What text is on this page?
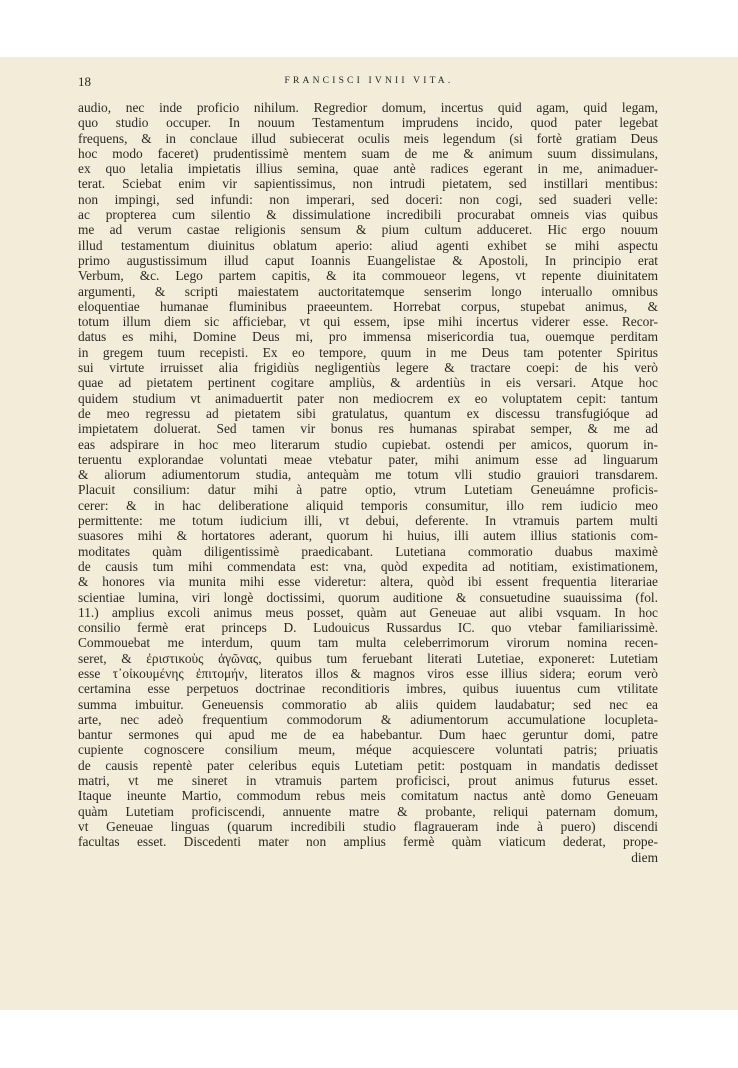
18	FRANCISCI IVNII VITA.
audio, nec inde proficio nihilum. Regredior domum, incertus quid agam, quid legam,
quo studio occuper. In nouum Testamentum imprudens incido, quod pater legebat
frequens, & in conclaue illud subiecerat oculis meis legendum (si fortè gratiam Deus
hoc modo faceret) prudentissimè mentem suam de me & animum suum dissimulans,
ex quo letalia impietatis illius semina, quae antè radices egerant in me, animaduer-
terat. Sciebat enim vir sapientissimus, non intrudi pietatem, sed instillari mentibus:
non impingi, sed infundi: non imperari, sed doceri: non cogi, sed suaderi velle:
ac propterea cum silentio & dissimulatione incredibili procurabat omneis vias quibus
me ad verum castae religionis sensum & pium cultum adduceret. Hic ergo nouum
illud testamentum diuinitus oblatum aperio: aliud agenti exhibet se mihi aspectu
primo augustissimum illud caput Ioannis Euangelistae & Apostoli, In principio erat
Verbum, &c. Lego partem capitis, & ita commoueor legens, vt repente diuinitatem
argumenti, & scripti maiestatem auctoritatemque senserim longo interuallo omnibus
eloquentiae humanae fluminibus praeeuntem. Horrebat corpus, stupebat animus, &
totum illum diem sic afficiebar, vt qui essem, ipse mihi incertus viderer esse. Recor-
datus es mihi, Domine Deus mi, pro immensa misericordia tua, ouemque perditam
in gregem tuum recepisti. Ex eo tempore, quum in me Deus tam potenter Spiritus
sui virtute irruisset alia frigidiùs negligentiùs legere & tractare coepi: de his verò
quae ad pietatem pertinent cogitare ampliùs, & ardentiùs in eis versari. Atque hoc
quidem studium vt animaduertit pater non mediocrem ex eo voluptatem cepit: tantum
de meo regressu ad pietatem sibi gratulatus, quantum ex discessu transfugióque ad
impietatem doluerat. Sed tamen vir bonus res humanas spirabat semper, & me ad
eas adspirare in hoc meo literarum studio cupiebat. ostendi per amicos, quorum in-
teruentu explorandae voluntati meae vtebatur pater, mihi animum esse ad linguarum
& aliorum adiumentorum studia, antequàm me totum vlli studio grauiori transdarem.
Placuit consilium: datur mihi à patre optio, vtrum Lutetiam Geneuámne proficis-
cerer: & in hac deliberatione aliquid temporis consumitur, illo rem iudicio meo
permittente: me totum iudicium illi, vt debui, deferente. In vtramuis partem multi
suasores mihi & hortatores aderant, quorum hi huius, illi autem illius stationis com-
moditates quàm diligentissimè praedicabant. Lutetiana commoratio duabus maximè
de causis tum mihi commendata est: vna, quòd expedita ad notitiam, existimationem,
& honores via munita mihi esse videretur: altera, quòd ibi essent frequentia literariae
scientiae lumina, viri longè doctissimi, quorum auditione & consuetudine suauissima (fol.
11.) amplius excoli animus meus posset, quàm aut Geneuae aut alibi vsquam. In hoc
consilio fermè erat princeps D. Ludouicus Russardus IC. quo vtebar familiarissimè.
Commouebat me interdum, quum tam multa celeberrimorum virorum nomina recen-
seret, & ἐριστικοὺς ἀγῶνας, quibus tum feruebant literati Lutetiae, exponeret: Lutetiam
esse τ᾽οἰκουμένης ἐπιτομήν, literatos illos & magnos viros esse illius sidera; eorum verò
certamina esse perpetuos doctrinae reconditioris imbres, quibus iuuentus cum vtilitate
summa imbuitur. Geneuensis commoratio ab aliis quidem laudabatur; sed nec ea
arte, nec adeò frequentium commodorum & adiumentorum accumulatione locupleta-
bantur sermones qui apud me de ea habebantur. Dum haec geruntur domi, patre
cupiente cognoscere consilium meum, méque acquiescere voluntati patris; priuatis
de causis repentè pater celeribus equis Lutetiam petit: postquam in mandatis dedisset
matri, vt me sineret in vtramuis partem proficisci, prout animus futurus esset.
Itaque ineunte Martio, commodum rebus meis comitatum nactus antè domo Geneuam
quàm Lutetiam proficiscendi, annuente matre & probante, reliqui paternam domum,
vt Geneuae linguas (quarum incredibili studio flagraueram inde à puero) discendi
facultas esset. Discedenti mater non amplius fermè quàm viaticum dederat, prope-
diem
